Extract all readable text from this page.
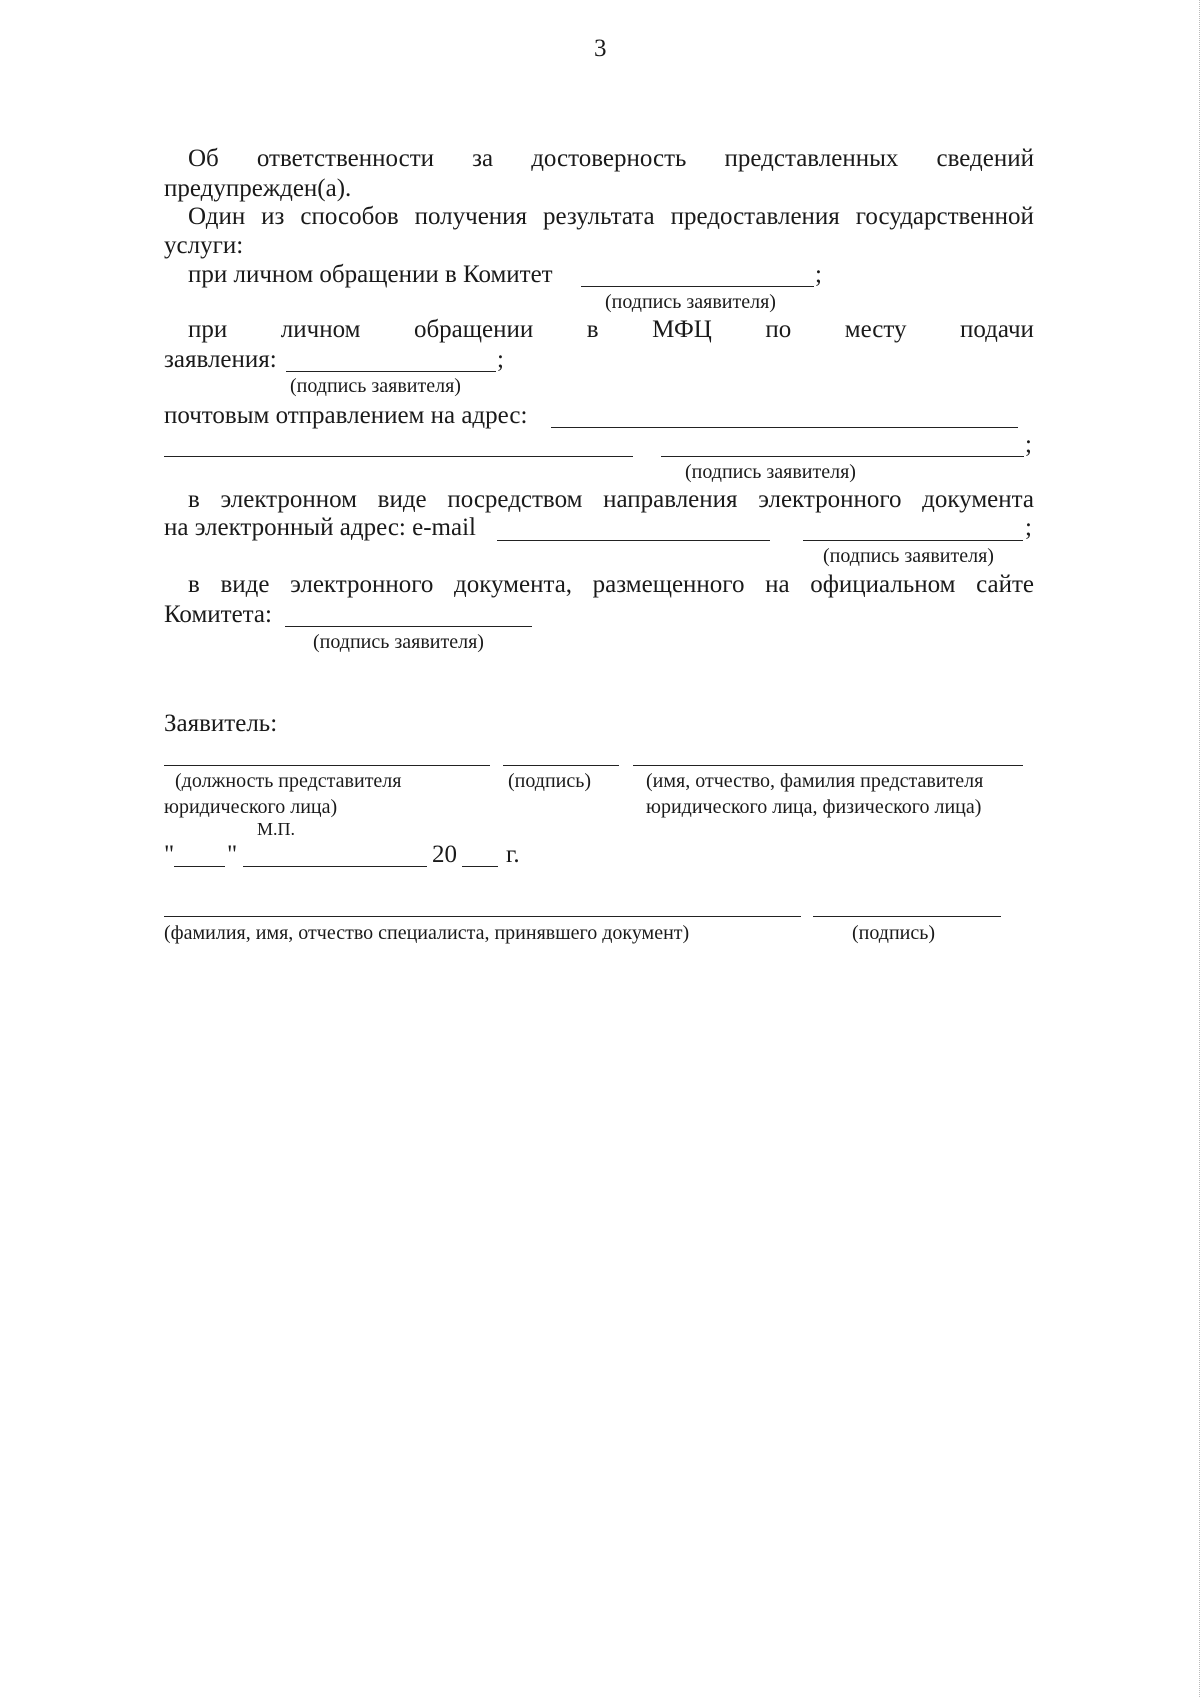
3
Об ответственности за достоверность представленных сведений
предупрежден(а).
Один из способов получения результата предоставления государственной
услуги:
при личном обращении в Комитет	;
(подпись заявителя)
при личном обращении в МФЦ по месту подачи
заявления:	;
(подпись заявителя)
почтовым отправлением на адрес:
;
(подпись заявителя)
в электронном виде посредством направления электронного документа
на электронный адрес: e-mail	;
(подпись заявителя)
в виде электронного документа, размещенного на официальном сайте
Комитета:
(подпись заявителя)
Заявитель:
(должность представителя
юридического лица)
(подпись)	(имя, отчество, фамилия представителя
юридического лица, физического лица)
М.П.
" "	20 г.
(фамилия, имя, отчество специалиста, принявшего документ)	(подпись)
